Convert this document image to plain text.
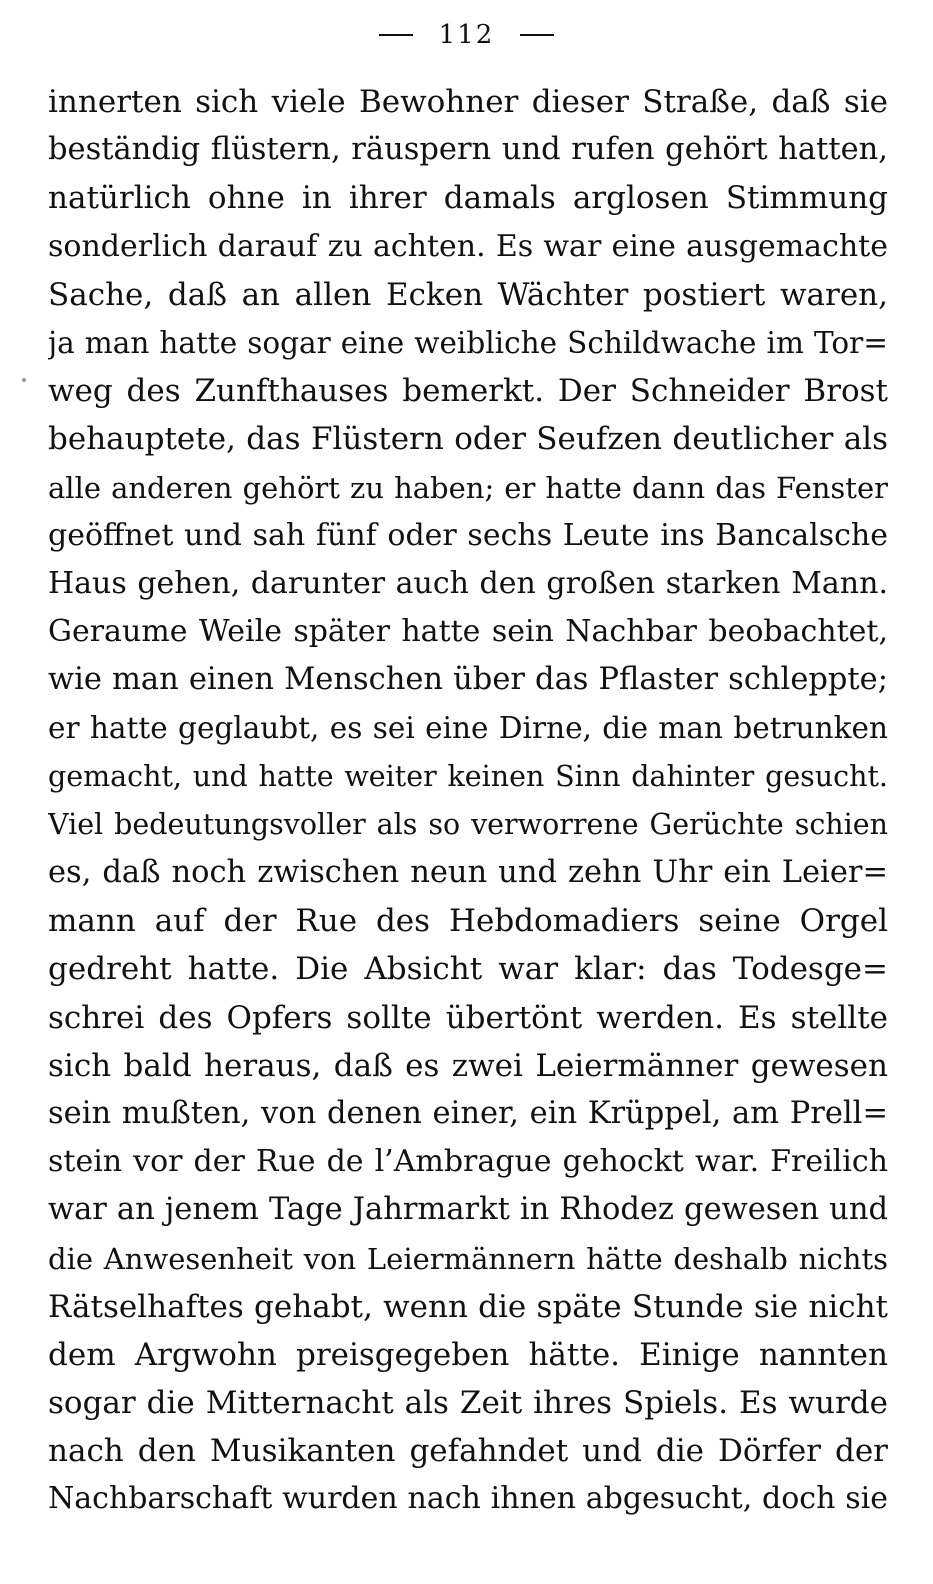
112
innerten sich viele Bewohner dieser Straße, daß sie
beständig flüstern, räuspern und rufen gehört hatten,
natürlich ohne in ihrer damals arglosen Stimmung
sonderlich darauf zu achten. Es war eine ausgemachte
Sache, daß an allen Ecken Wächter postiert waren,
ja man hatte sogar eine weibliche Schildwache im Tor=
weg des Zunfthauses bemerkt. Der Schneider Brost
behauptete, das Flüstern oder Seufzen deutlicher als
alle anderen gehört zu haben; er hatte dann das Fenster
geöffnet und sah fünf oder sechs Leute ins Bancalsche
Haus gehen, darunter auch den großen starken Mann.
Geraume Weile später hatte sein Nachbar beobachtet,
wie man einen Menschen über das Pflaster schleppte;
er hatte geglaubt, es sei eine Dirne, die man betrunken
gemacht, und hatte weiter keinen Sinn dahinter gesucht.
Viel bedeutungsvoller als so verworrene Gerüchte schien
es, daß noch zwischen neun und zehn Uhr ein Leier=
mann auf der Rue des Hebdomadiers seine Orgel
gedreht hatte. Die Absicht war klar: das Todesge=
schrei des Opfers sollte übertönt werden. Es stellte
sich bald heraus, daß es zwei Leiermänner gewesen
sein mußten, von denen einer, ein Krüppel, am Prell=
stein vor der Rue de l’Ambrague gehockt war. Freilich
war an jenem Tage Jahrmarkt in Rhodez gewesen und
die Anwesenheit von Leiermännern hätte deshalb nichts
Rätselhaftes gehabt, wenn die späte Stunde sie nicht
dem Argwohn preisgegeben hätte. Einige nannten
sogar die Mitternacht als Zeit ihres Spiels. Es wurde
nach den Musikanten gefahndet und die Dörfer der
Nachbarschaft wurden nach ihnen abgesucht, doch sie
